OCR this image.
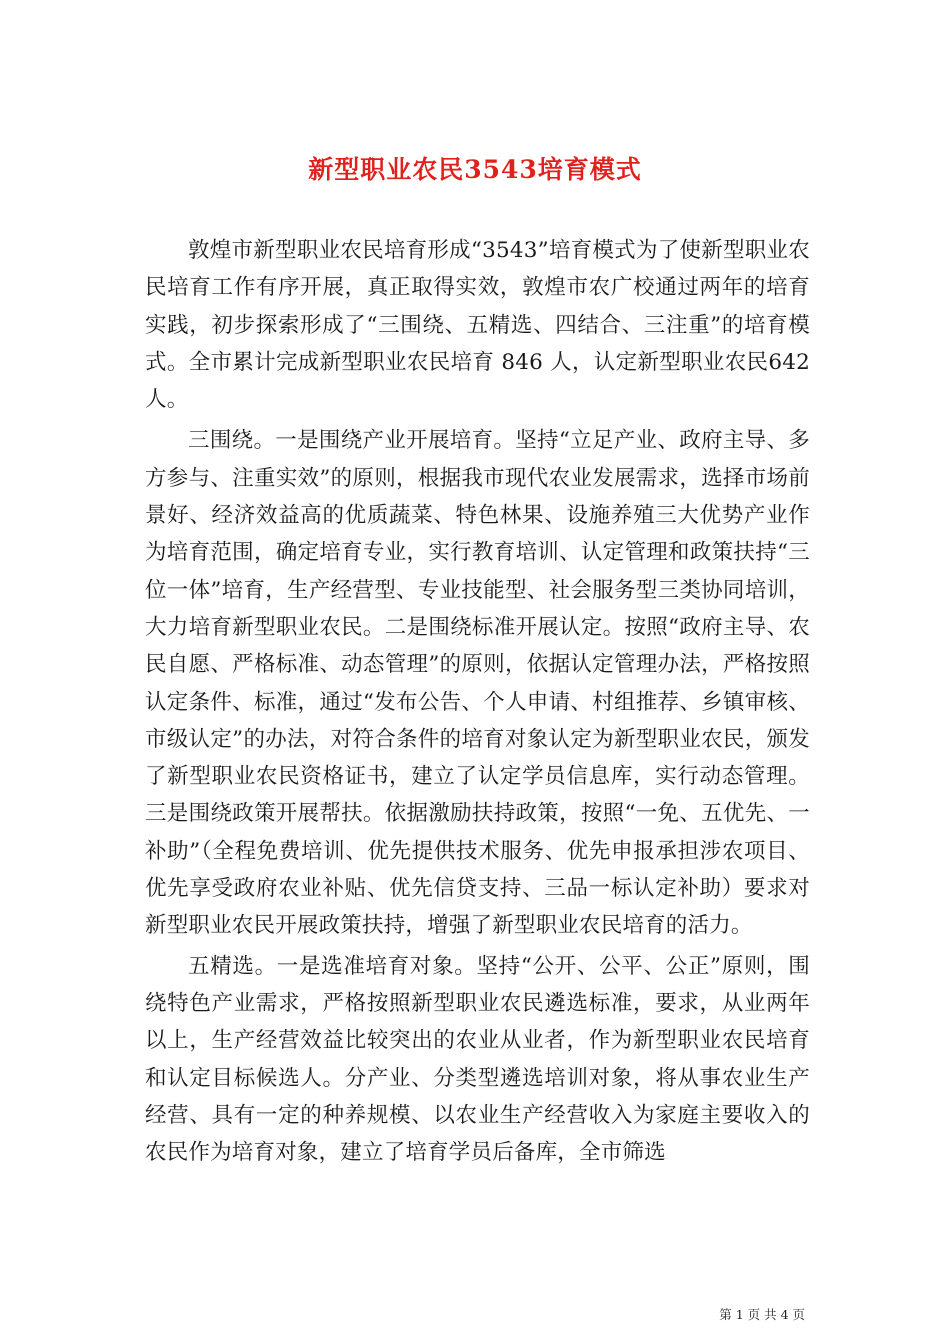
新型职业农民3543培育模式

敦煌市新型职业农民培育形成“3543”培育模式为了使新型职业农民培育工作有序开展，真正取得实效，敦煌市农广校通过两年的培育实践，初步探索形成了“三围绕、五精选、四结合、三注重”的培育模式。全市累计完成新型职业农民培育 846 人，认定新型职业农民642 人。

三围绕。一是围绕产业开展培育。坚持“立足产业、政府主导、多方参与、注重实效”的原则，根据我市现代农业发展需求，选择市场前景好、经济效益高的优质蔬菜、特色林果、设施养殖三大优势产业作为培育范围，确定培育专业，实行教育培训、认定管理和政策扶持“三位一体”培育，生产经营型、专业技能型、社会服务型三类协同培训，大力培育新型职业农民。二是围绕标准开展认定。按照“政府主导、农民自愿、严格标准、动态管理”的原则，依据认定管理办法，严格按照认定条件、标准，通过“发布公告、个人申请、村组推荐、乡镇审核、市级认定”的办法，对符合条件的培育对象认定为新型职业农民，颁发了新型职业农民资格证书，建立了认定学员信息库，实行动态管理。三是围绕政策开展帮扶。依据激励扶持政策，按照“一免、五优先、一补助”（全程免费培训、优先提供技术服务、优先申报承担涉农项目、优先享受政府农业补贴、优先信贷支持、三品一标认定补助）要求对新型职业农民开展政策扶持，增强了新型职业农民培育的活力。

五精选。一是选准培育对象。坚持“公开、公平、公正”原则，围绕特色产业需求，严格按照新型职业农民遴选标准，要求，从业两年以上，生产经营效益比较突出的农业从业者，作为新型职业农民培育和认定目标候选人。分产业、分类型遴选培训对象，将从事农业生产经营、具有一定的种养规模、以农业生产经营收入为家庭主要收入的农民作为培育对象，建立了培育学员后备库，全市筛选

第 1 页 共 4 页
